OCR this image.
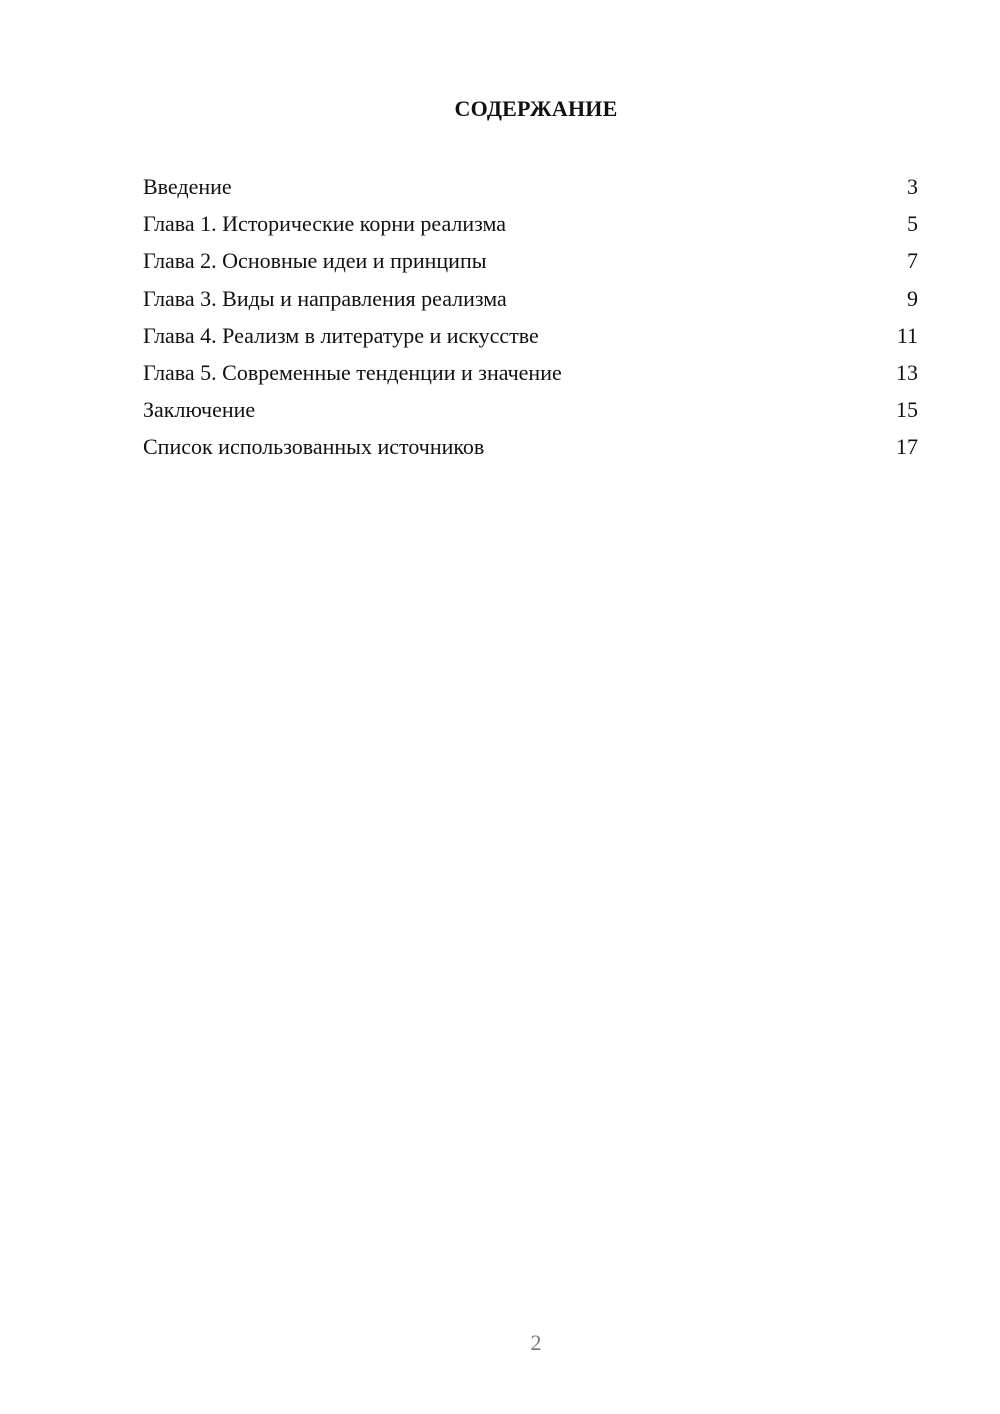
СОДЕРЖАНИЕ
Введение	3
Глава 1. Исторические корни реализма	5
Глава 2. Основные идеи и принципы	7
Глава 3. Виды и направления реализма	9
Глава 4. Реализм в литературе и искусстве	11
Глава 5. Современные тенденции и значение	13
Заключение	15
Список использованных источников	17
2
